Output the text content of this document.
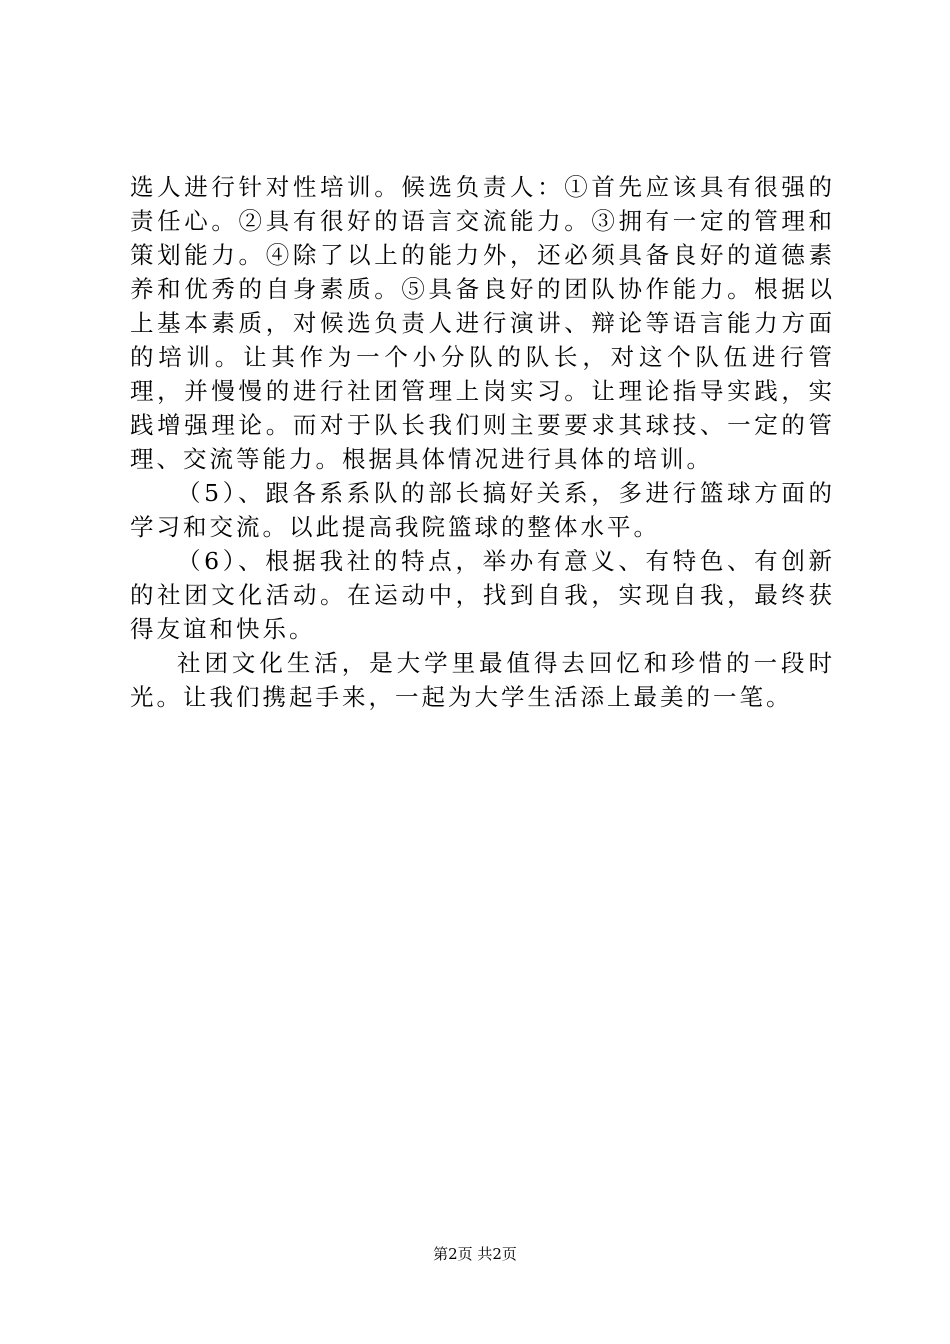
选人进行针对性培训。候选负责人：①首先应该具有很强的责任心。②具有很好的语言交流能力。③拥有一定的管理和策划能力。④除了以上的能力外，还必须具备良好的道德素养和优秀的自身素质。⑤具备良好的团队协作能力。根据以上基本素质，对候选负责人进行演讲、辩论等语言能力方面的培训。让其作为一个小分队的队长，对这个队伍进行管理，并慢慢的进行社团管理上岗实习。让理论指导实践，实践增强理论。而对于队长我们则主要要求其球技、一定的管理、交流等能力。根据具体情况进行具体的培训。

（5）、跟各系系队的部长搞好关系，多进行篮球方面的学习和交流。以此提高我院篮球的整体水平。

（6）、根据我社的特点，举办有意义、有特色、有创新的社团文化活动。在运动中，找到自我，实现自我，最终获得友谊和快乐。

社团文化生活，是大学里最值得去回忆和珍惜的一段时光。让我们携起手来，一起为大学生活添上最美的一笔。

第2页 共2页
